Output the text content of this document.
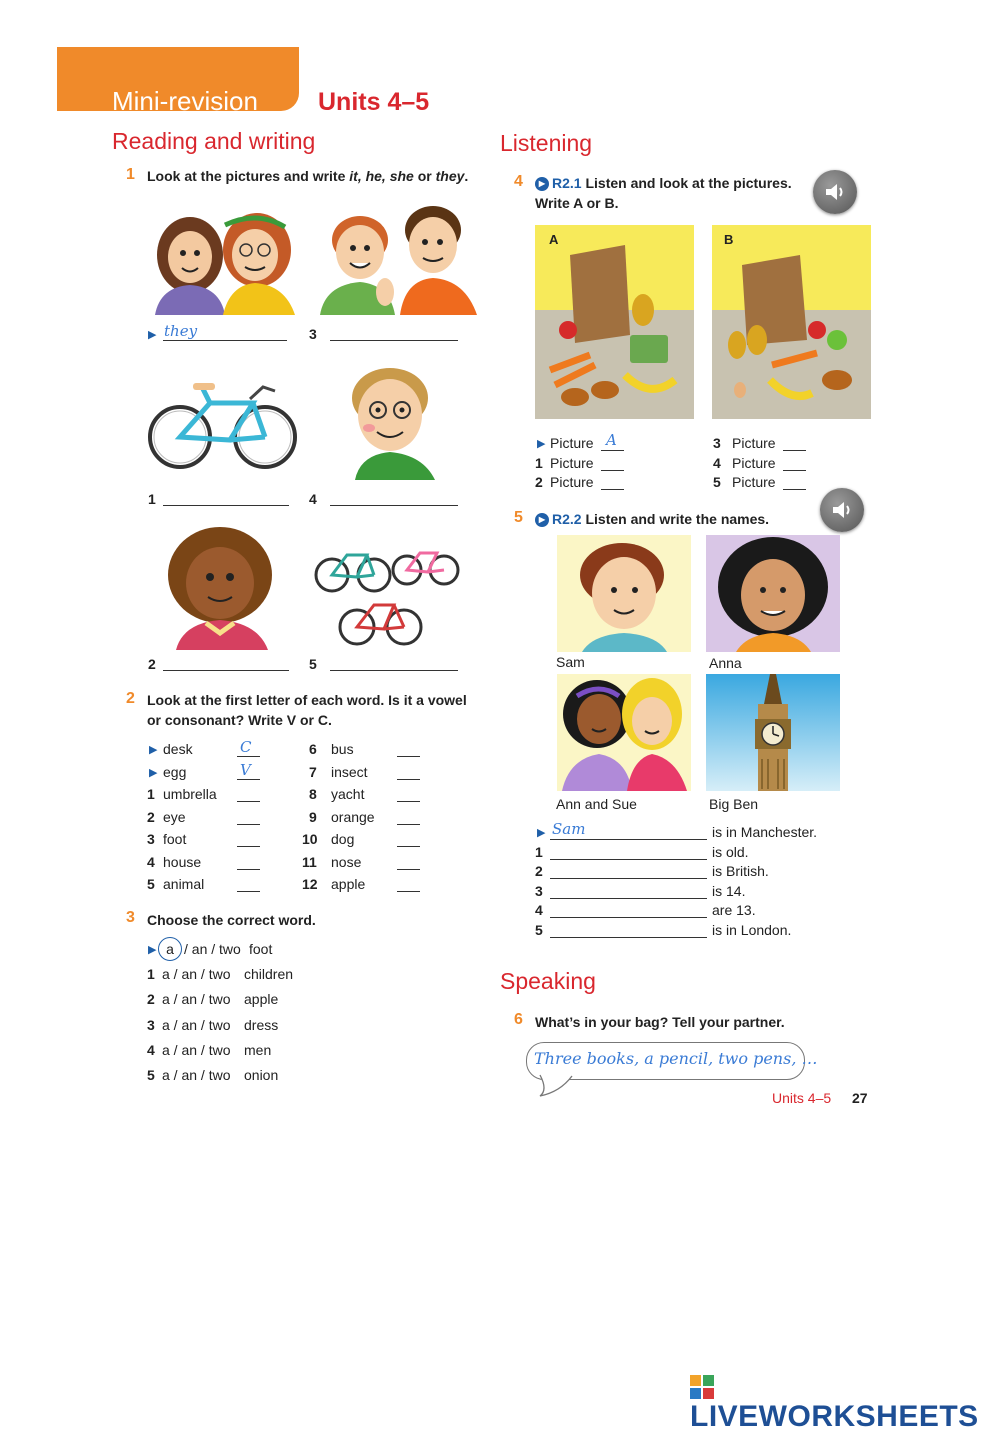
Mini-revision Units 4–5
Reading and writing
1 Look at the pictures and write it, he, she or they.
▶ they	3
1	4
2	5
2 Look at the first letter of each word. Is it a vowel
or consonant? Write V or C.
3 Choose the correct word.
Listening
4	▶ R2.1 Listen and look at the pictures.
Write A or B.
A	B
5	▶ R2.2 Listen and write the names.
Sam	Anna
Ann and Sue	Big Ben
Speaking
6 What’s in your bag? Tell your partner.
Three books, a pencil, two pens, …
Units 4–5 27
LIVEWORKSHEETS
▶ desk	C
▶ egg	V
1 umbrella
2 eye
3 foot
4 house
5 animal
6 bus
7 insect
8 yacht
9 orange
10 dog
11 nose
12 apple
▶ a / an / two foot
1 a / an / two children
2 a / an / two apple
3 a / an / two dress
4 a / an / two men
5 a / an / two onion
▶ Picture A
1 Picture
2 Picture
3 Picture
4 Picture
5 Picture
▶ Sam	is in Manchester.
1	is old.
2	is British.
3	is 14.
4	are 13.
5	is in London.
